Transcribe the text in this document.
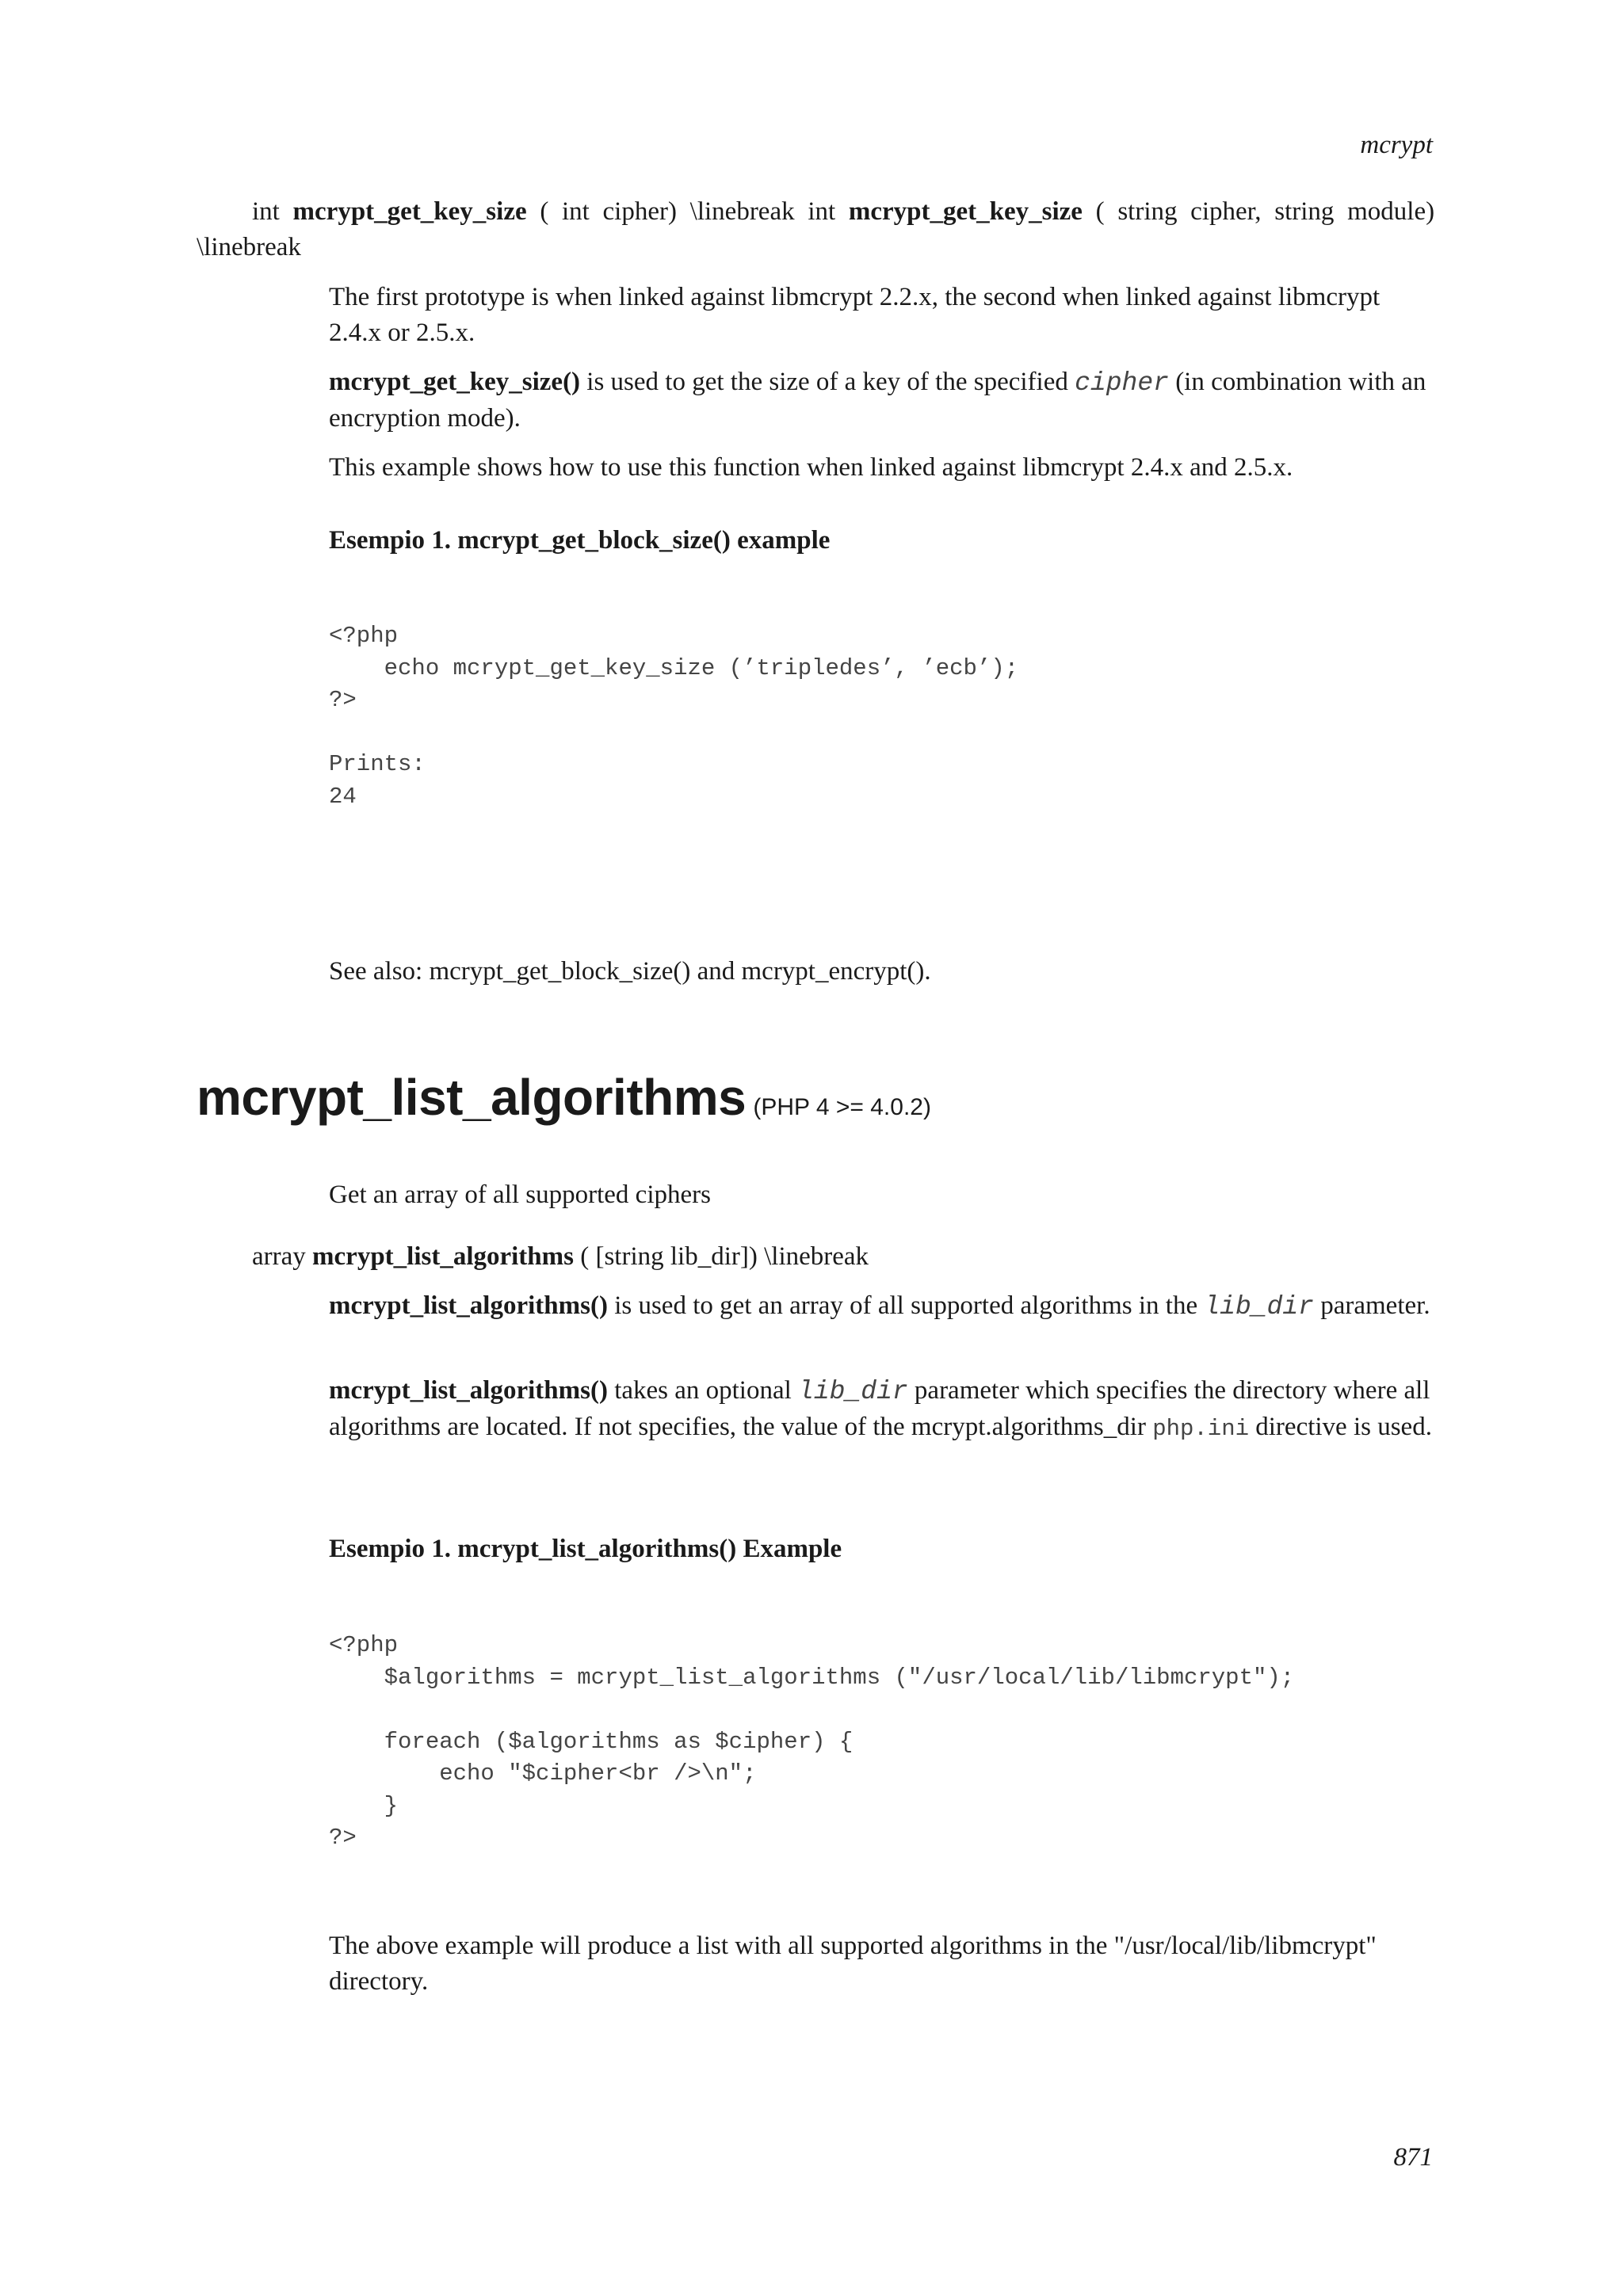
mcrypt

int mcrypt_get_key_size ( int cipher) \linebreak int mcrypt_get_key_size ( string cipher, string module) \linebreak

The first prototype is when linked against libmcrypt 2.2.x, the second when linked against libmcrypt 2.4.x or 2.5.x.

mcrypt_get_key_size() is used to get the size of a key of the specified cipher (in combination with an encryption mode).

This example shows how to use this function when linked against libmcrypt 2.4.x and 2.5.x.

Esempio 1. mcrypt_get_block_size() example
<?php
echo mcrypt_get_key_size (’tripledes’, ’ecb’);
?>

Prints:
24

See also: mcrypt_get_block_size() and mcrypt_encrypt().

mcrypt_list_algorithms (PHP 4 >= 4.0.2)

Get an array of all supported ciphers

array mcrypt_list_algorithms ( [string lib_dir]) \linebreak

mcrypt_list_algorithms() is used to get an array of all supported algorithms in the lib_dir parameter.

mcrypt_list_algorithms() takes an optional lib_dir parameter which specifies the directory where all algorithms are located. If not specifies, the value of the mcrypt.algorithms_dir php.ini directive is used.

Esempio 1. mcrypt_list_algorithms() Example
<?php
$algorithms = mcrypt_list_algorithms ("/usr/local/lib/libmcrypt");

foreach ($algorithms as $cipher) {
echo "$cipher<br />\n";
}
?>

The above example will produce a list with all supported algorithms in the "/usr/local/lib/libmcrypt" directory.

871
